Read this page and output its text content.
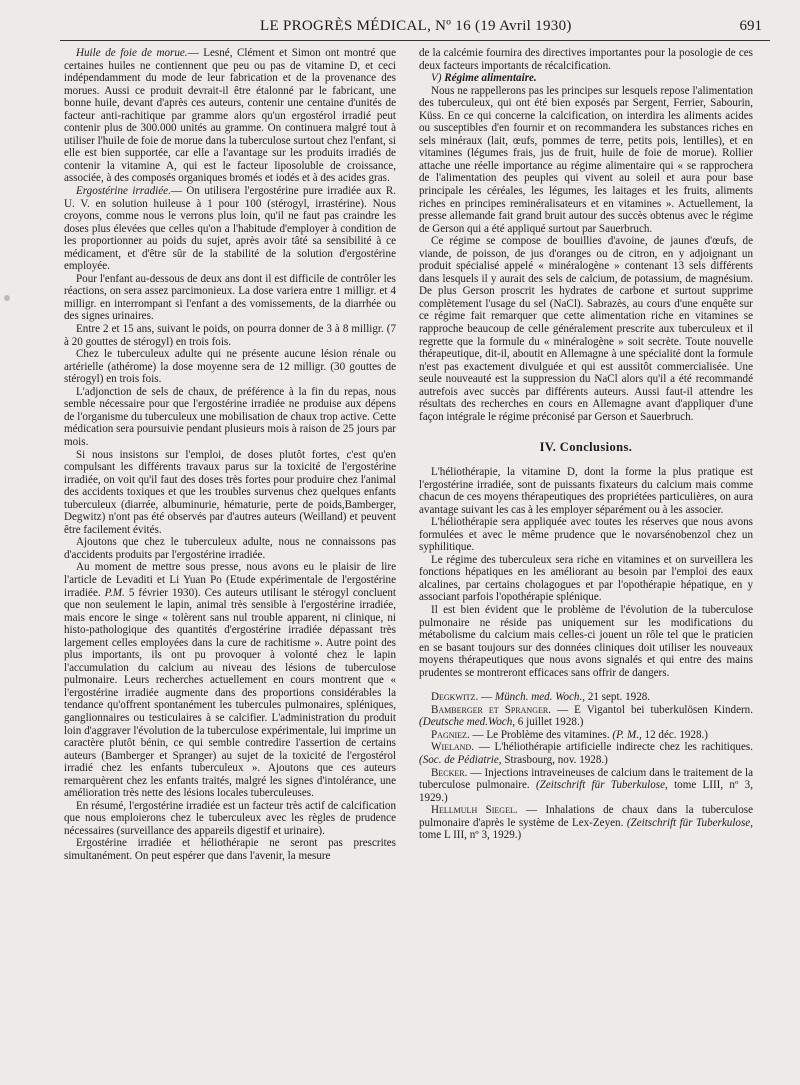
LE PROGRÈS MÉDICAL, Nº 16 (19 Avril 1930)	691

Huile de foie de morue.— Lesné, Clément et Simon ont montré que certaines huiles ne contiennent que peu ou pas de vitamine D, et ceci indépendamment du mode de leur fabrication et de la provenance des morues. Aussi ce produit devrait-il être étalonné par le fabricant, une bonne huile, devant d'après ces auteurs, contenir une centaine d'unités de facteur anti-rachitique par gramme alors qu'un ergostérol irradié peut contenir plus de 300.000 unités au gramme. On continuera malgré tout à utiliser l'huile de foie de morue dans la tuberculose surtout chez l'enfant, si elle est bien supportée, car elle a l'avantage sur les produits irradiés de contenir la vitamine A, qui est le facteur liposoluble de croissance, associée, à des composés organiques bromés et iodés et à des acides gras.

Ergostérine irradiée.— On utilisera l'ergostérine pure irradiée aux R. U. V. en solution huileuse à 1 pour 100 (stérogyl, irrastérine). Nous croyons, comme nous le verrons plus loin, qu'il ne faut pas craindre les doses plus élevées que celles qu'on a l'habitude d'employer à condition de les proportionner au poids du sujet, après avoir tâté sa sensibilité à ce médicament, et d'être sûr de la stabilité de la solution d'ergostérine employée.

Pour l'enfant au-dessous de deux ans dont il est difficile de contrôler les réactions, on sera assez parcimonieux. La dose variera entre 1 milligr. et 4 milligr. en interrompant si l'enfant a des vomissements, de la diarrhée ou des signes urinaires.

Entre 2 et 15 ans, suivant le poids, on pourra donner de 3 à 8 milligr. (7 à 20 gouttes de stérogyl) en trois fois.

Chez le tuberculeux adulte qui ne présente aucune lésion rénale ou artérielle (athérome) la dose moyenne sera de 12 milligr. (30 gouttes de stérogyl) en trois fois.

L'adjonction de sels de chaux, de préférence à la fin du repas, nous semble nécessaire pour que l'ergostérine irradiée ne produise aux dépens de l'organisme du tuberculeux une mobilisation de chaux trop active. Cette médication sera poursuivie pendant plusieurs mois à raison de 25 jours par mois.

Si nous insistons sur l'emploi, de doses plutôt fortes, c'est qu'en compulsant les différents travaux parus sur la toxicité de l'ergostérine irradiée, on voit qu'il faut des doses très fortes pour produire chez l'animal des accidents toxiques et que les troubles survenus chez quelques enfants tuberculeux (diarrée, albuminurie, hématurie, perte de poids,Bamberger, Degwitz) n'ont pas été observés par d'autres auteurs (Weilland) et peuvent être facilement évités.

Ajoutons que chez le tuberculeux adulte, nous ne connaissons pas d'accidents produits par l'ergostérine irradiée.

Au moment de mettre sous presse, nous avons eu le plaisir de lire l'article de Levaditi et Li Yuan Po (Etude expérimentale de l'ergostérine irradiée. P.M. 5 février 1930). Ces auteurs utilisant le stérogyl concluent que non seulement le lapin, animal très sensible à l'ergostérine irradiée, mais encore le singe « tolèrent sans nul trouble apparent, ni clinique, ni histo-pathologique des quantités d'ergostérine irradiée dépassant très largement celles employées dans la cure de rachitisme ». Autre point des plus importants, ils ont pu provoquer à volonté chez le lapin l'accumulation du calcium au niveau des lésions de tuberculose pulmonaire. Leurs recherches actuellement en cours montrent que « l'ergostérine irradiée augmente dans des proportions considérables la tendance qu'offrent spontanément les tubercules pulmonaires, spléniques, ganglionnaires ou testiculaires à se calcifier. L'administration du produit loin d'aggraver l'évolution de la tuberculose expérimentale, lui imprime un caractère plutôt bénin, ce qui semble contredire l'assertion de certains auteurs (Bamberger et Spranger) au sujet de la toxicité de l'ergostérol irradié chez les enfants tuberculeux ». Ajoutons que ces auteurs remarquèrent chez les enfants traités, malgré les signes d'intolérance, une amélioration très nette des lésions locales tuberculeuses.

En résumé, l'ergostérine irradiée est un facteur très actif de calcification que nous emploierons chez le tuberculeux avec les règles de prudence nécessaires (surveillance des appareils digestif et urinaire).

Ergostérine irradiée et héliothérapie ne seront pas prescrites simultanément. On peut espérer que dans l'avenir, la mesure

de la calcémie fournira des directives importantes pour la posologie de ces deux facteurs importants de récalcification.

V) Régime alimentaire.

Nous ne rappellerons pas les principes sur lesquels repose l'alimentation des tuberculeux, qui ont été bien exposés par Sergent, Ferrier, Sabourin, Küss. En ce qui concerne la calcification, on interdira les aliments acides ou susceptibles d'en fournir et on recommandera les substances riches en sels minéraux (lait, œufs, pommes de terre, petits pois, lentilles), et en vitamines (légumes frais, jus de fruit, huile de foie de morue). Rollier attache une réelle importance au régime alimentaire qui « se rapprochera de l'alimentation des peuples qui vivent au soleil et aura pour base principale les céréales, les légumes, les laitages et les fruits, aliments riches en principes reminéralisateurs et en vitamines ». Actuellement, la presse allemande fait grand bruit autour des succès obtenus avec le régime de Gerson qui a été appliqué surtout par Sauerbruch.

Ce régime se compose de bouillies d'avoine, de jaunes d'œufs, de viande, de poisson, de jus d'oranges ou de citron, en y adjoignant un produit spécialisé appelé « minéralogène » contenant 13 sels différents dans lesquels il y aurait des sels de calcium, de potassium, de magnésium. De plus Gerson proscrit les hydrates de carbone et surtout supprime complètement l'usage du sel (NaCl). Sabrazès, au cours d'une enquête sur ce régime fait remarquer que cette alimentation riche en vitamines se rapproche beaucoup de celle généralement prescrite aux tuberculeux et il regrette que la formule du « minéralogène » soit secrète. Toute nouvelle thérapeutique, dit-il, aboutit en Allemagne à une spécialité dont la formule n'est pas exactement divulguée et qui est aussitôt commercialisée. Une seule nouveauté est la suppression du NaCl alors qu'il a été recommandé autrefois avec succès par différents auteurs. Aussi faut-il attendre les résultats des recherches en cours en Allemagne avant d'appliquer d'une façon intégrale le régime préconisé par Gerson et Sauerbruch.

IV. Conclusions.

L'héliothérapie, la vitamine D, dont la forme la plus pratique est l'ergostérine irradiée, sont de puissants fixateurs du calcium mais comme chacun de ces moyens thérapeutiques des propriétées particulières, on aura avantage suivant les cas à les employer séparément ou à les associer.

L'héliothérapie sera appliquée avec toutes les réserves que nous avons formulées et avec le même prudence que le novarsénobenzol chez un syphilitique.

Le régime des tuberculeux sera riche en vitamines et on surveillera les fonctions hépatiques en les améliorant au besoin par l'emploi des eaux alcalines, par certains cholagogues et par l'opothérapie hépatique, en y associant parfois l'opothérapie splénique.

Il est bien évident que le problème de l'évolution de la tuberculose pulmonaire ne réside pas uniquement sur les modifications du métabolisme du calcium mais celles-ci jouent un rôle tel que le praticien en se basant toujours sur des données cliniques doit utiliser les nouveaux moyens thérapeutiques que nous avons signalés et qui entre des mains prudentes se montreront efficaces sans offrir de dangers.

Degkwitz. — Münch. med. Woch., 21 sept. 1928.

Bamberger et Spranger. — E Vigantol bei tuberkulösen Kindern. (Deutsche med.Woch, 6 juillet 1928.)

Pagniez. — Le Problème des vitamines. (P. M., 12 déc. 1928.)

Wieland. — L'héliothérapie artificielle indirecte chez les rachitiques. (Soc. de Pédiatrie, Strasbourg, nov. 1928.)

Becker. — Injections intraveineuses de calcium dans le traitement de la tuberculose pulmonaire. (Zeitschrift für Tuberkulose, tome LIII, nº 3, 1929.)

Hellmulh Siegel. — Inhalations de chaux dans la tuberculose pulmonaire d'après le système de Lex-Zeyen. (Zeitschrift für Tuberkulose, tome L III, nº 3, 1929.)
